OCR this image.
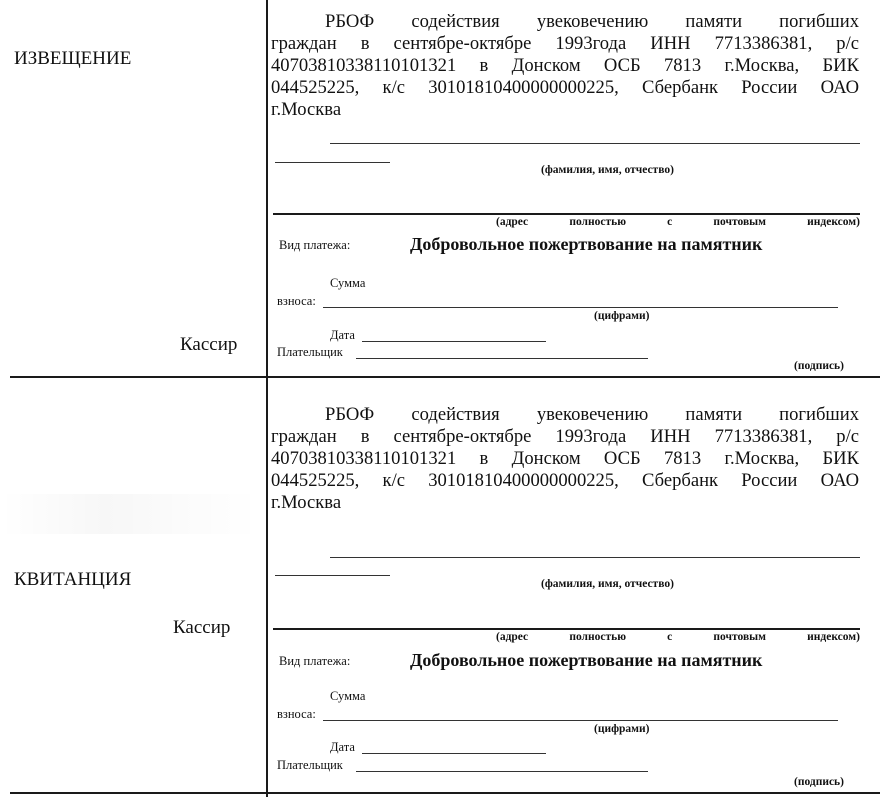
ИЗВЕЩЕНИЕ
Кассир
РБОФ содействия увековечению памяти погибших
граждан в сентябре-октябре 1993года ИНН 7713386381, р/с
40703810338110101321 в Донском ОСБ 7813 г.Москва, БИК
044525225, к/с 30101810400000000225, Сбербанк России ОАО
г.Москва
(фамилия, имя, отчество)
(адрес	полностью	с	почтовым	индексом)
Вид платежа:	Добровольное пожертвование на памятник
Сумма
взноса:
(цифрами)
Дата
Плательщик
(подпись)
КВИТАНЦИЯ
Кассир
РБОФ содействия увековечению памяти погибших
граждан в сентябре-октябре 1993года ИНН 7713386381, р/с
40703810338110101321 в Донском ОСБ 7813 г.Москва, БИК
044525225, к/с 30101810400000000225, Сбербанк России ОАО
г.Москва
(фамилия, имя, отчество)
(адрес	полностью	с	почтовым	индексом)
Вид платежа:	Добровольное пожертвование на памятник
Сумма
взноса:
(цифрами)
Дата
Плательщик
(подпись)
